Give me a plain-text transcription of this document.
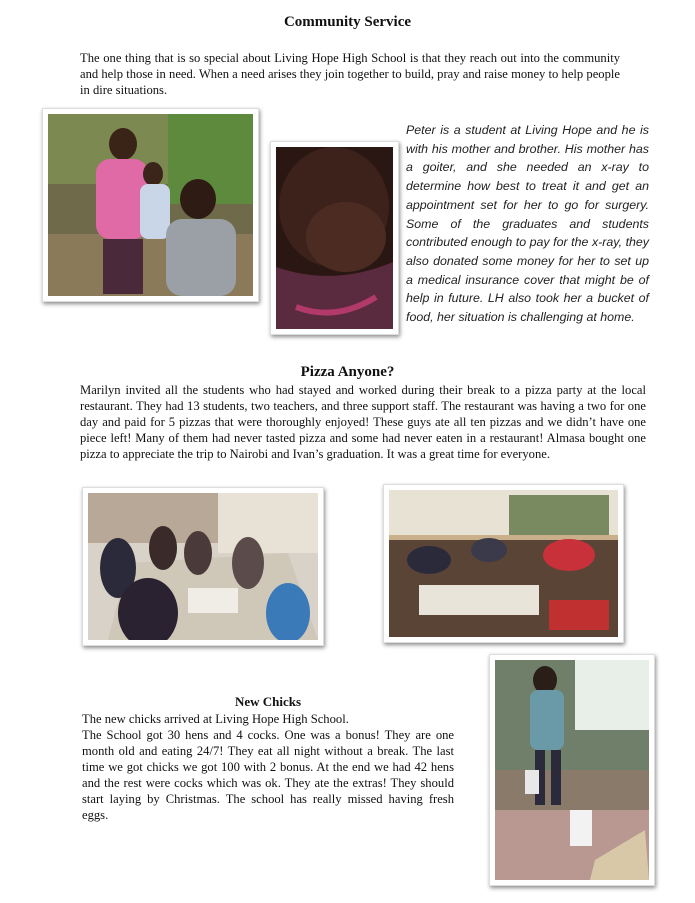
Community Service
The one thing that is so special about Living Hope High School is that they reach out into the community and help those in need. When a need arises they join together to build, pray and raise money to help people in dire situations.
Peter is a student at Living Hope and he is with his mother and brother. His mother has a goiter, and she needed an x-ray to determine how best to treat it and get an appointment set for her to go for surgery. Some of the graduates and students contributed enough to pay for the x-ray, they also donated some money for her to set up a medical insurance cover that might be of help in future. LH also took her a bucket of food, her situation is challenging at home.
Pizza Anyone?
Marilyn invited all the students who had stayed and worked during their break to a pizza party at the local restaurant. They had 13 students, two teachers, and three support staff. The restaurant was having a two for one day and paid for 5 pizzas that were thoroughly enjoyed! These guys ate all ten pizzas and we didn’t have one piece left! Many of them had never tasted pizza and some had never eaten in a restaurant! Almasa bought one pizza to appreciate the trip to Nairobi and Ivan’s graduation. It was a great time for everyone.
New Chicks
The new chicks arrived at Living Hope High School.
The School got 30 hens and 4 cocks. One was a bonus! They are one month old and eating 24/7! They eat all night without a break. The last time we got chicks we got 100 with 2 bonus. At the end we had 42 hens and the rest were cocks which was ok. They ate the extras! They should start laying by Christmas. The school has really missed having fresh eggs.
